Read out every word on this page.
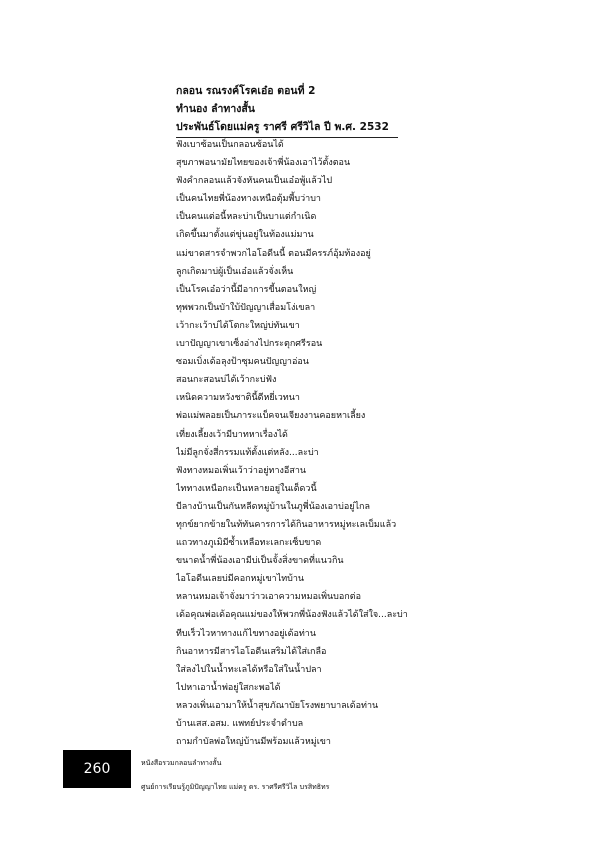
กลอน รณรงค์โรคเอ๋อ ตอนที่ 2
ทำนอง ลำทางสั้น
ประพันธ์โดยแม่ครู ราศรี ศรีวิไล ปี พ.ศ. 2532
ฟังเบาซ้อนเป็นกลอนซ้อนได้
สุขภาพอนามัยไทยของเจ้าพี่น้องเอาไว้ตั้งตอน
ฟังคำกลอนแล้วจังหันคนเป็นเอ๋อพู้แล้วไป
เป็นคนไทยพี่น้องทางเหนือตุ้มพี้บว่าบา
เป็นคนแต่อนี้หละบ่าเป็นบาแต่กำเนิด
เกิดขึ้นมาตั้งแต่ขุ่นอยู่ในท้องแม่มาน
แม่ขาดสารจำพวกไอโอดีนนี้ ตอนมีครรภ์อุ้มท้องอยู่
ลูกเกิดมาบ่ผู้เป็นเอ๋อแล้วจั่งเห็น
เป็นโรคเอ๋อว่านี้มีอาการขี้นตอนใหญ่
ทุพพวกเป็นบัาใบ้ปัญญาเสื่อมโง่เขลา
เว้ากะเว้าบ่ได้โตกะใหญ่บ่ทันเขา
เบาปัญญาเขาเซ็งอ่างไปกระตุกศรีรอน
ซอมเบิ่งเด้อลุงป้าซุมคนปัญญาอ่อน
สอนกะสอนบ่ได้เว้ากะบ่ฟัง
เหนิดความหวังชาตินี้ดีหยี่เวทนา
พ่อแม่พลอยเป็นภาระแบ็คจนเจียงงานคอยหาเลี้ยง
เที่ยงเลี้ยงเว้ามีบาทหาเรื่องได้
ไม่มีลูกจั่งสี่กรรมแท้ตั้งแต่หลัง...ละบ่า
ฟังทางหมอเพิ่นเว้าว่าอยู่ทางอีสาน
ไททางเหนือกะเป็นหลายอยู่ในเด็ดวนี้
บีลางบ้านเป็นกันหลีดหมู่บ้านในภูพี่น้องเอาบ่อยู่ไกล
ทุกข์ยากข้ายในท้ทันคารการได้กินอาหารหมู่ทะเลเบ็มแล้ว
แถวทางภูเมิมีซ้ำเหลือทะเลกะเซ็บขาด
ขนาดน้ำพี่น้องเอามีบ่เป็นจั้งสิ่งขาดที่แนวกิน
ไอโอดีนเลยบ่มีคอกหมู่เขาไทบ้าน
หลานหมอเจ้าจั่งมาว่าวเอาความหมอเพิ่นบอกต่อ
เด้อคุณพ่อเด้อคุณแม่ของให้พวกพี่น้องฟังแล้วได้ใส่ใจ...ละบ่า
ทีบเร็วไวหาทางแก้ไขทางอยู่เด้อท่าน
กินอาหารมีสารไอโอดีนเสริมได้ใส่เกลือ
ใส่ลงไปในน้ำทะเลได้หรือใส่ในน้ำปลา
ไปหาเอาน้ำพ่อยู่ใสกะพอได้
หลวงเพิ่นเอามาให้น้ำสุขภัณาบัยโรงพยาบาลเด้อท่าน
บ้านเสส.อสม. แพทย์ประจำตำบล
ถามกำบัลพ่อใหญ่บ้านมีพร้อมแล้วหมู่เขา
260	หนังสือรวมกลอนลำทางสั้น
ศูนย์การเรียนรู้ภูมิปัญญาไทย แม่ครู ดร. ราศรีศรีวิไล บรสิทธิทร
